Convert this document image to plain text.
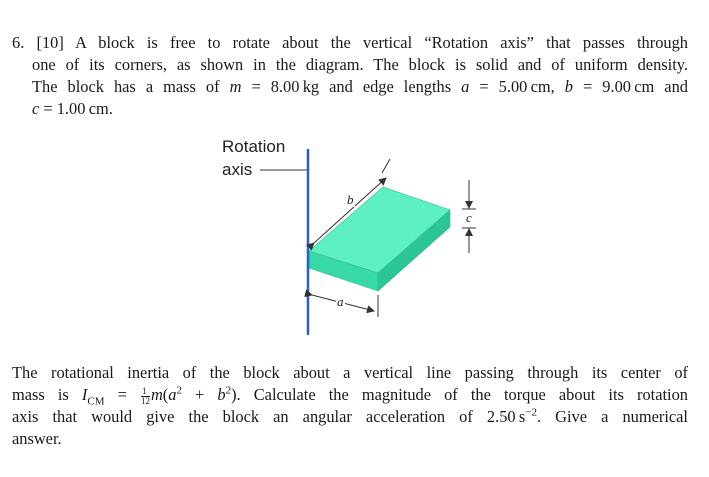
6. [10] A block is free to rotate about the vertical “Rotation axis” that passes through
one of its corners, as shown in the diagram. The block is solid and of uniform density.
The block has a mass of m = 8.00 kg and edge lengths a = 5.00 cm, b = 9.00 cm and
c = 1.00 cm.
Rotation
axis
b
a
c
The rotational inertia of the block about a vertical line passing through its center of
mass is $I_{CM} = \frac{1}{12} m(a^2 + b^2)$. Calculate the magnitude of the torque about its rotation
axis that would give the block an angular acceleration of 2.50 $s^{-2}$. Give a numerical
answer.
